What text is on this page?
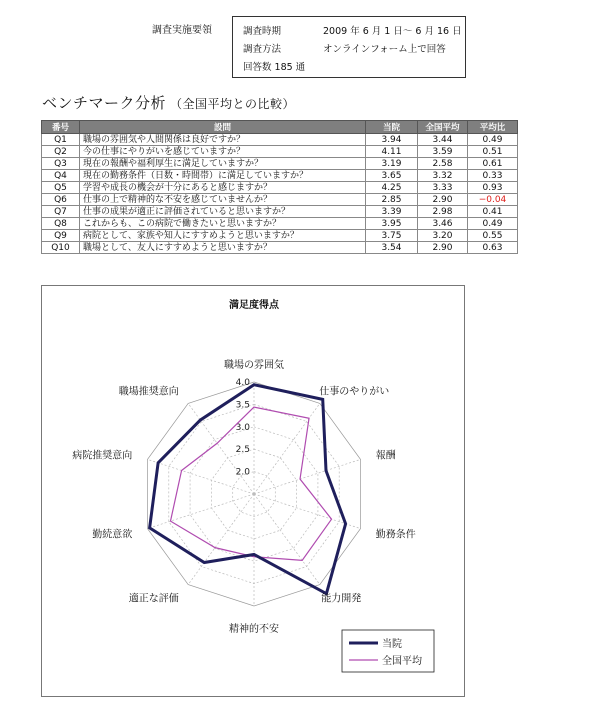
調査実施要領	調査時期	2009 年 6 月 1 日～ 6 月 16 日
調査方法	オンラインフォーム上で回答
回答数 185 通
ベンチマーク分析 （全国平均との比較）
番号	設問	当院	全国平均	平均比
Q1	職場の雰囲気や人間関係は良好ですか？	3.94	3.44	0.49
Q2	今の仕事にやりがいを感じていますか？	4.11	3.59	0.51
Q3	現在の報酬や福利厚生に満足していますか？	3.19	2.58	0.61
Q4	現在の勤務条件（日数・時間帯）に満足していますか？	3.65	3.32	0.33
Q5	学習や成長の機会が十分にあると感じますか？	4.25	3.33	0.93
Q6	仕事の上で精神的な不安を感じていませんか？	2.85	2.90	−0.04
Q7	仕事の成果が適正に評価されていると思いますか？	3.39	2.98	0.41
Q8	これからも、この病院で働きたいと思いますか？	3.95	3.46	0.49
Q9	病院として、家族や知人にすすめようと思いますか？	3.75	3.20	0.55
Q10	職場として、友人にすすめようと思いますか？	3.54	2.90	0.63
満足度得点
2.0
2.5
3.0
3.5
4.0
職場の雰囲気
仕事のやりがい
報酬
勤務条件
能力開発
精神的不安
適正な評価
勤続意欲
病院推奨意向
職場推奨意向
当院
全国平均
